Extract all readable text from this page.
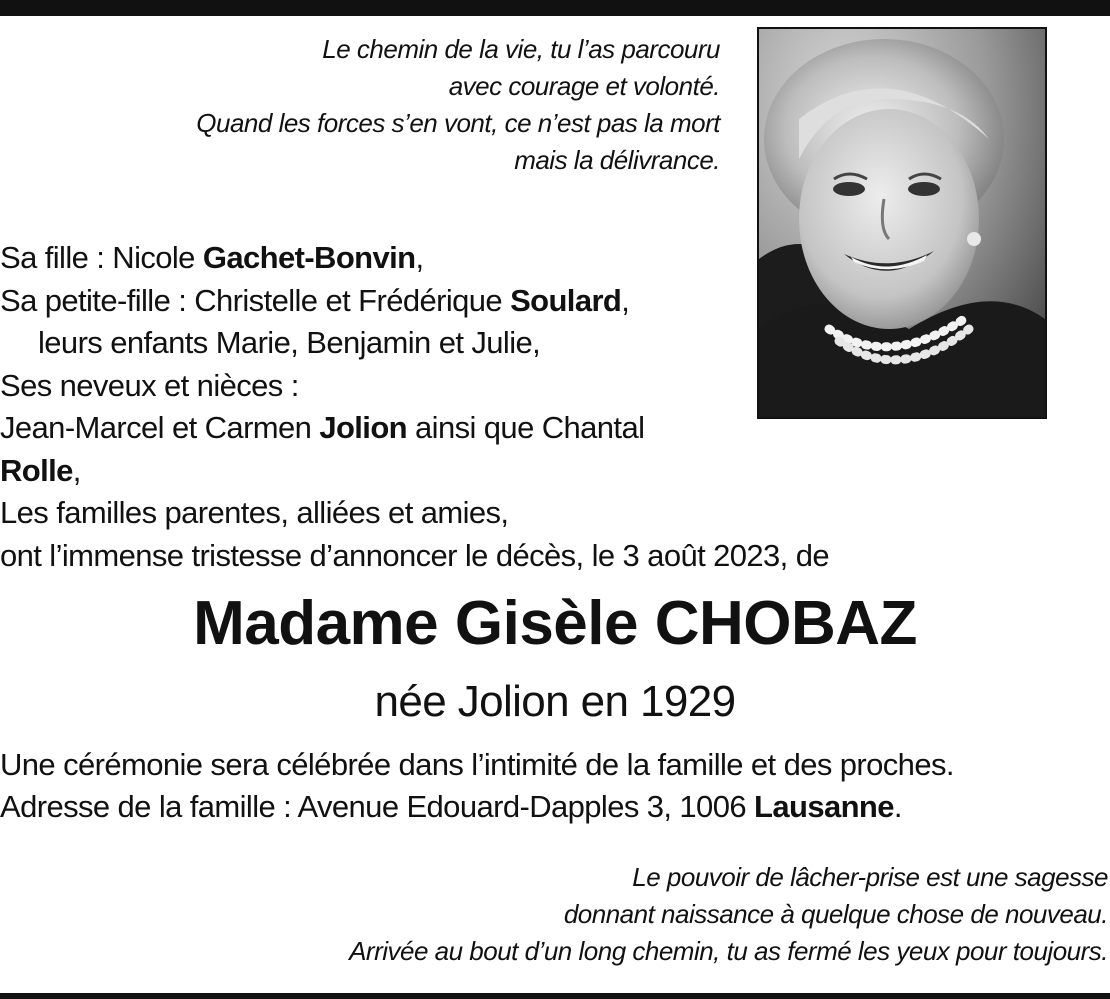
Le chemin de la vie, tu l’as parcouru
avec courage et volonté.
Quand les forces s’en vont, ce n’est pas la mort
mais la délivrance.

Sa fille : Nicole Gachet-Bonvin,
Sa petite-fille : Christelle et Frédérique Soulard,
leurs enfants Marie, Benjamin et Julie,
Ses neveux et nièces :
Jean-Marcel et Carmen Jolion ainsi que Chantal
Rolle,
Les familles parentes, alliées et amies,
ont l’immense tristesse d’annoncer le décès, le 3 août 2023, de

Madame Gisèle CHOBAZ
née Jolion en 1929

Une cérémonie sera célébrée dans l’intimité de la famille et des proches.
Adresse de la famille : Avenue Edouard-Dapples 3, 1006 Lausanne.

Le pouvoir de lâcher-prise est une sagesse
donnant naissance à quelque chose de nouveau.
Arrivée au bout d’un long chemin, tu as fermé les yeux pour toujours.
